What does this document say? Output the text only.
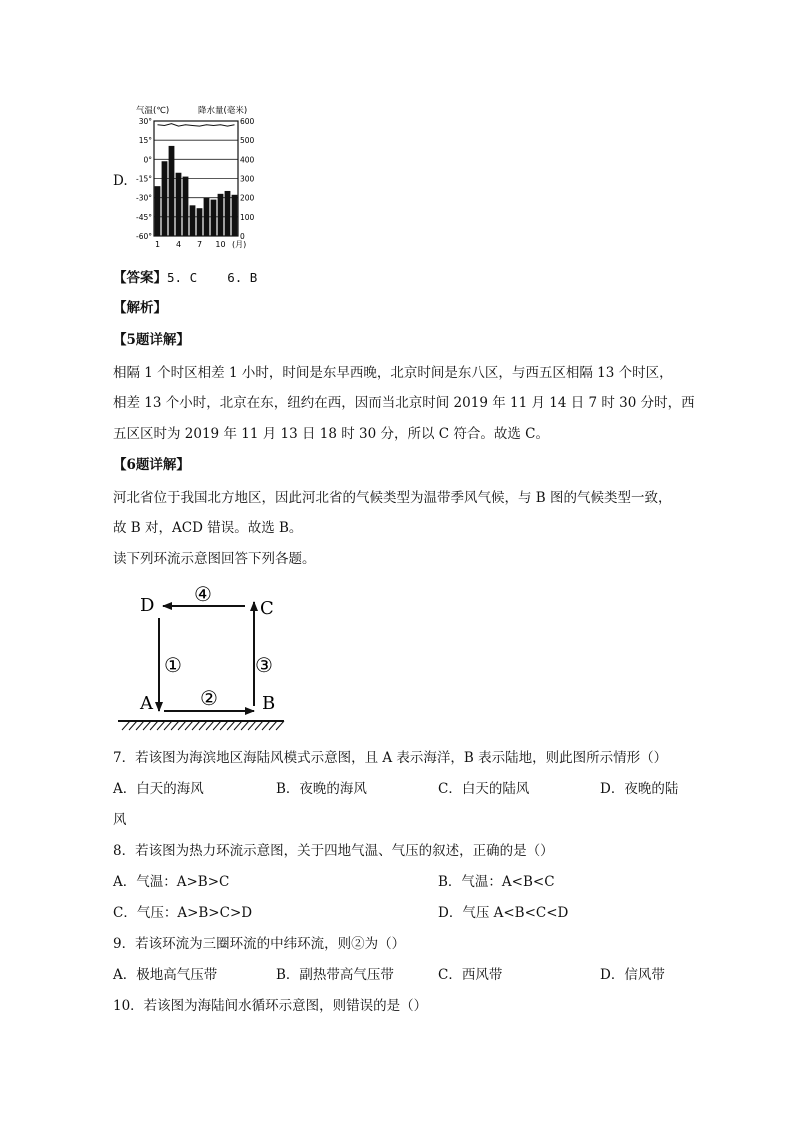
D.
气温(℃)	降水量(毫米)
30°	600
15°	500
0°	400
-15°	300
-30°	200
-45°	100
-60°	0
1 4 7 10 (月)
【答案】5. C    6. B
【解析】
【5题详解】
相隔 1 个时区相差 1 小时，时间是东早西晚，北京时间是东八区，与西五区相隔 13 个时区，
相差 13 个小时，北京在东，纽约在西，因而当北京时间 2019 年 11 月 14 日 7 时 30 分时，西
五区区时为 2019 年 11 月 13 日 18 时 30 分，所以 C 符合。故选 C。
【6题详解】
河北省位于我国北方地区，因此河北省的气候类型为温带季风气候，与 B 图的气候类型一致，
故 B 对，ACD 错误。故选 B。
读下列环流示意图回答下列各题。
D	C
A	B
④
①
②
③
7．若该图为海滨地区海陆风模式示意图，且 A 表示海洋，B 表示陆地，则此图所示情形（）
A．白天的海风	B．夜晚的海风	C．白天的陆风	D．夜晚的陆
风
8．若该图为热力环流示意图，关于四地气温、气压的叙述，正确的是（）
A．气温：A>B>C	B．气温：A<B<C
C．气压：A>B>C>D	D．气压 A<B<C<D
9．若该环流为三圈环流的中纬环流，则②为（）
A．极地高气压带	B．副热带高气压带	C．西风带	D．信风带
10．若该图为海陆间水循环示意图，则错误的是（）
